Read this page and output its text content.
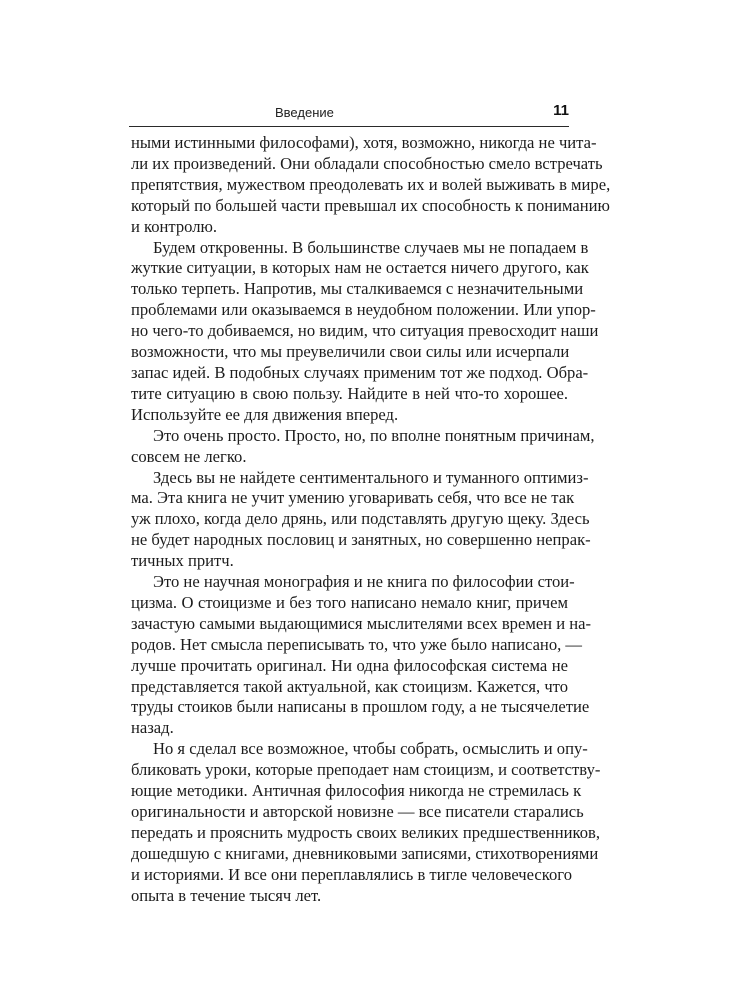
Введение	11
ными истинными философами), хотя, возможно, никогда не чита-
ли их произведений. Они обладали способностью смело встречать
препятствия, мужеством преодолевать их и волей выживать в мире,
который по большей части превышал их способность к пониманию
и контролю.
Будем откровенны. В большинстве случаев мы не попадаем в
жуткие ситуации, в которых нам не остается ничего другого, как
только терпеть. Напротив, мы сталкиваемся с незначительными
проблемами или оказываемся в неудобном положении. Или упор-
но чего-то добиваемся, но видим, что ситуация превосходит наши
возможности, что мы преувеличили свои силы или исчерпали
запас идей. В подобных случаях применим тот же подход. Обра-
тите ситуацию в свою пользу. Найдите в ней что-то хорошее.
Используйте ее для движения вперед.
Это очень просто. Просто, но, по вполне понятным причинам,
совсем не легко.
Здесь вы не найдете сентиментального и туманного оптимиз-
ма. Эта книга не учит умению уговаривать себя, что все не так
уж плохо, когда дело дрянь, или подставлять другую щеку. Здесь
не будет народных пословиц и занятных, но совершенно непрак-
тичных притч.
Это не научная монография и не книга по философии стои-
цизма. О стоицизме и без того написано немало книг, причем
зачастую самыми выдающимися мыслителями всех времен и на-
родов. Нет смысла переписывать то, что уже было написано, —
лучше прочитать оригинал. Ни одна философская система не
представляется такой актуальной, как стоицизм. Кажется, что
труды стоиков были написаны в прошлом году, а не тысячелетие
назад.
Но я сделал все возможное, чтобы собрать, осмыслить и опу-
бликовать уроки, которые преподает нам стоицизм, и соответству-
ющие методики. Античная философия никогда не стремилась к
оригинальности и авторской новизне — все писатели старались
передать и прояснить мудрость своих великих предшественников,
дошедшую с книгами, дневниковыми записями, стихотворениями
и историями. И все они переплавлялись в тигле человеческого
опыта в течение тысяч лет.
